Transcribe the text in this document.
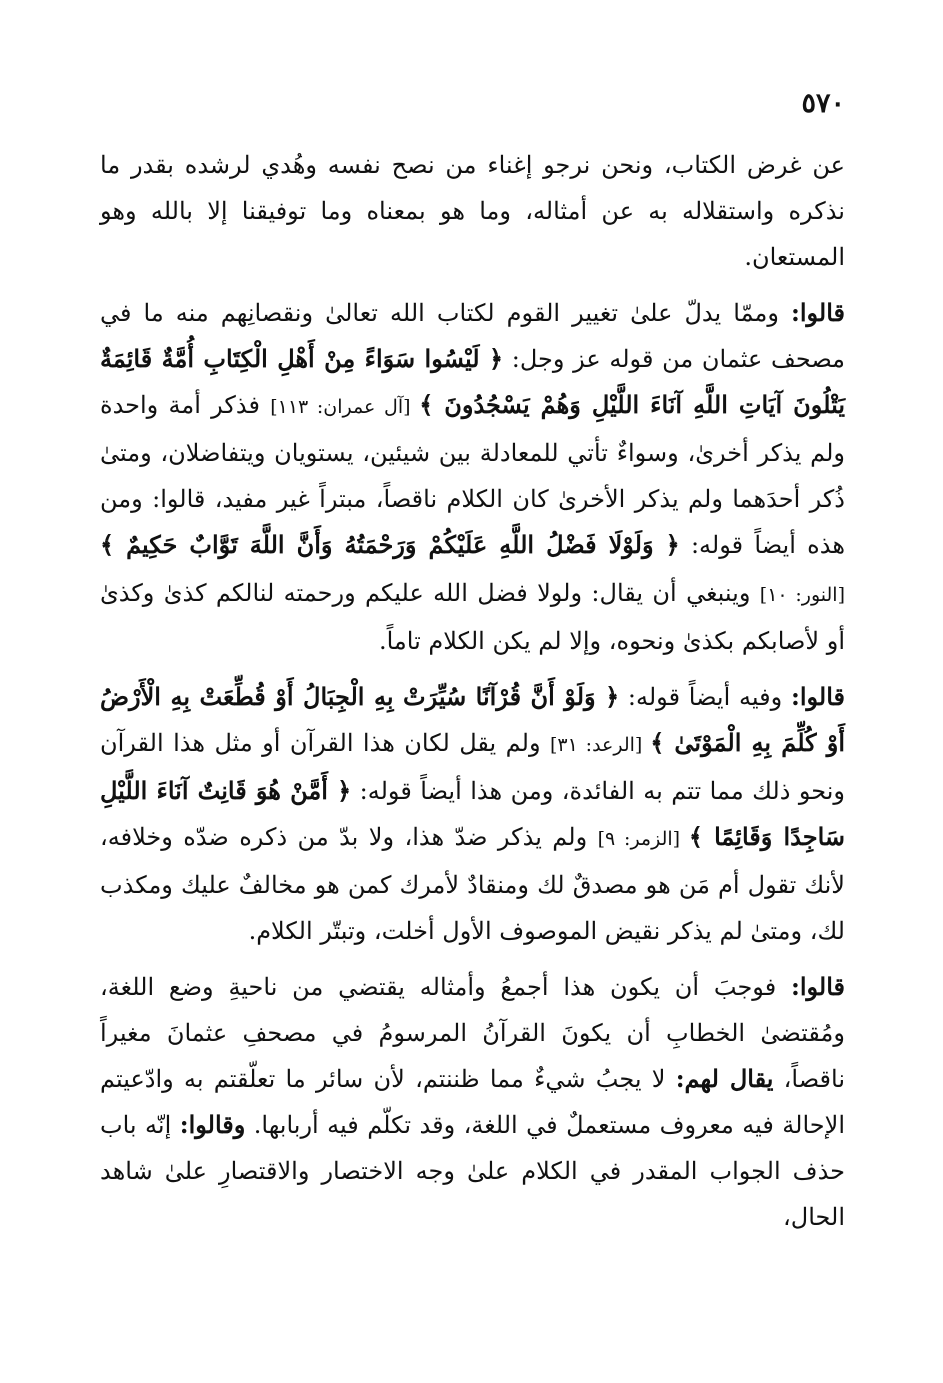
٥٧٠

عن غرض الكتاب، ونحن نرجو إغناء من نصح نفسه وهُدي لرشده بقدر ما نذكره واستقلاله به عن أمثاله، وما هو بمعناه وما توفيقنا إلا بالله وهو المستعان.

قالوا: وممّا يدلّ علىٰ تغيير القوم لكتاب الله تعالىٰ ونقصانِهم منه ما في مصحف عثمان من قوله عز وجل: ﴿ لَيْسُوا سَوَاءً مِنْ أَهْلِ الْكِتَابِ أُمَّةٌ قَائِمَةٌ يَتْلُونَ آيَاتِ اللَّهِ آنَاءَ اللَّيْلِ وَهُمْ يَسْجُدُونَ ﴾ [آل عمران: ١١٣] فذكر أمة واحدة ولم يذكر أخرىٰ، وسواءٌ تأتي للمعادلة بين شيئين، يستويان ويتفاضلان، ومتىٰ ذُكر أحدَهما ولم يذكر الأخرىٰ كان الكلام ناقصاً، مبتراً غير مفيد، قالوا: ومن هذه أيضاً قوله: ﴿ وَلَوْلَا فَضْلُ اللَّهِ عَلَيْكُمْ وَرَحْمَتُهُ وَأَنَّ اللَّهَ تَوَّابٌ حَكِيمٌ ﴾ [النور: ١٠] وينبغي أن يقال: ولولا فضل الله عليكم ورحمته لنالكم كذىٰ وكذىٰ أو لأصابكم بكذىٰ ونحوه، وإلا لم يكن الكلام تاماً.

قالوا: وفيه أيضاً قوله: ﴿ وَلَوْ أَنَّ قُرْآنًا سُيِّرَتْ بِهِ الْجِبَالُ أَوْ قُطِّعَتْ بِهِ الْأَرْضُ أَوْ كُلِّمَ بِهِ الْمَوْتَىٰ ﴾ [الرعد: ٣١] ولم يقل لكان هذا القرآن أو مثل هذا القرآن ونحو ذلك مما تتم به الفائدة، ومن هذا أيضاً قوله: ﴿ أَمَّنْ هُوَ قَانِتٌ آنَاءَ اللَّيْلِ سَاجِدًا وَقَائِمًا ﴾ [الزمر: ٩] ولم يذكر ضدّ هذا، ولا بدّ من ذكره ضدّه وخلافه، لأنك تقول أم مَن هو مصدقٌ لك ومنقادٌ لأمرك كمن هو مخالفٌ عليك ومكذب لك، ومتىٰ لم يذكر نقيض الموصوف الأول أخلت، وتبتّر الكلام.

قالوا: فوجبَ أن يكون هذا أجمعُ وأمثاله يقتضي من ناحيةِ وضع اللغة، ومُقتضىٰ الخطابِ أن يكونَ القرآنُ المرسومُ في مصحفِ عثمانَ مغيراً ناقصاً، يقال لهم: لا يجبُ شيءٌ مما ظننتم، لأن سائر ما تعلّقتم به وادّعيتم الإحالة فيه معروف مستعملٌ في اللغة، وقد تكلّم فيه أربابها. وقالوا: إنّه باب حذف الجواب المقدر في الكلام علىٰ وجه الاختصار والاقتصارِ علىٰ شاهد الحال،
